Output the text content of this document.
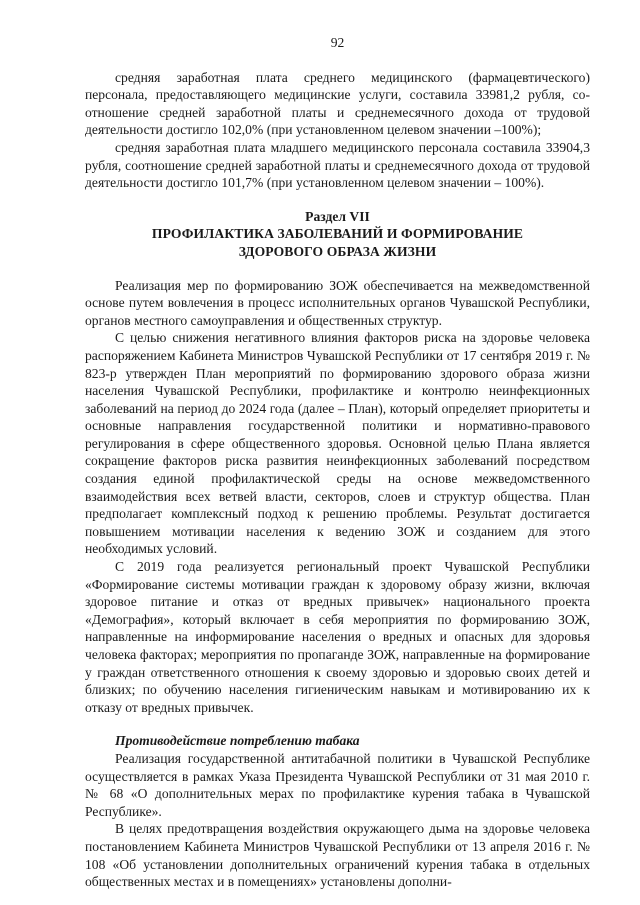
92

средняя заработная плата среднего медицинского (фармацевтического) персонала, предоставляющего медицинские услуги, составила 33981,2 рубля, соотношение средней заработной платы и среднемесячного дохода от трудовой деятельности достигло 102,0% (при установленном целевом значении –100%);

средняя заработная плата младшего медицинского персонала составила 33904,3 рубля, соотношение средней заработной платы и среднемесячного дохода от трудовой деятельности достигло 101,7% (при установленном целевом значении – 100%).

Раздел VII
ПРОФИЛАКТИКА ЗАБОЛЕВАНИЙ И ФОРМИРОВАНИЕ
ЗДОРОВОГО ОБРАЗА ЖИЗНИ

Реализация мер по формированию ЗОЖ обеспечивается на межведомственной основе путем вовлечения в процесс исполнительных органов Чувашской Республики, органов местного самоуправления и общественных структур.

С целью снижения негативного влияния факторов риска на здоровье человека распоряжением Кабинета Министров Чувашской Республики от 17 сентября 2019 г. № 823-р утвержден План мероприятий по формированию здорового образа жизни населения Чувашской Республики, профилактике и контролю неинфекционных заболеваний на период до 2024 года (далее – План), который определяет приоритеты и основные направления государственной политики и нормативно-правового регулирования в сфере общественного здоровья. Основной целью Плана является сокращение факторов риска развития неинфекционных заболеваний посредством создания единой профилактической среды на основе межведомственного взаимодействия всех ветвей власти, секторов, слоев и структур общества. План предполагает комплексный подход к решению проблемы. Результат достигается повышением мотивации населения к ведению ЗОЖ и созданием для этого необходимых условий.

С 2019 года реализуется региональный проект Чувашской Республики «Формирование системы мотивации граждан к здоровому образу жизни, включая здоровое питание и отказ от вредных привычек» национального проекта «Демография», который включает в себя мероприятия по формированию ЗОЖ, направленные на информирование населения о вредных и опасных для здоровья человека факторах; мероприятия по пропаганде ЗОЖ, направленные на формирование у граждан ответственного отношения к своему здоровью и здоровью своих детей и близких; по обучению населения гигиеническим навыкам и мотивированию их к отказу от вредных привычек.

Противодействие потреблению табака

Реализация государственной антитабачной политики в Чувашской Республике осуществляется в рамках Указа Президента Чувашской Республики от 31 мая 2010 г. № 68 «О дополнительных мерах по профилактике курения табака в Чувашской Республике».

В целях предотвращения воздействия окружающего дыма на здоровье человека постановлением Кабинета Министров Чувашской Республики от 13 апреля 2016 г. № 108 «Об установлении дополнительных ограничений курения табака в отдельных общественных местах и в помещениях» установлены дополни-
